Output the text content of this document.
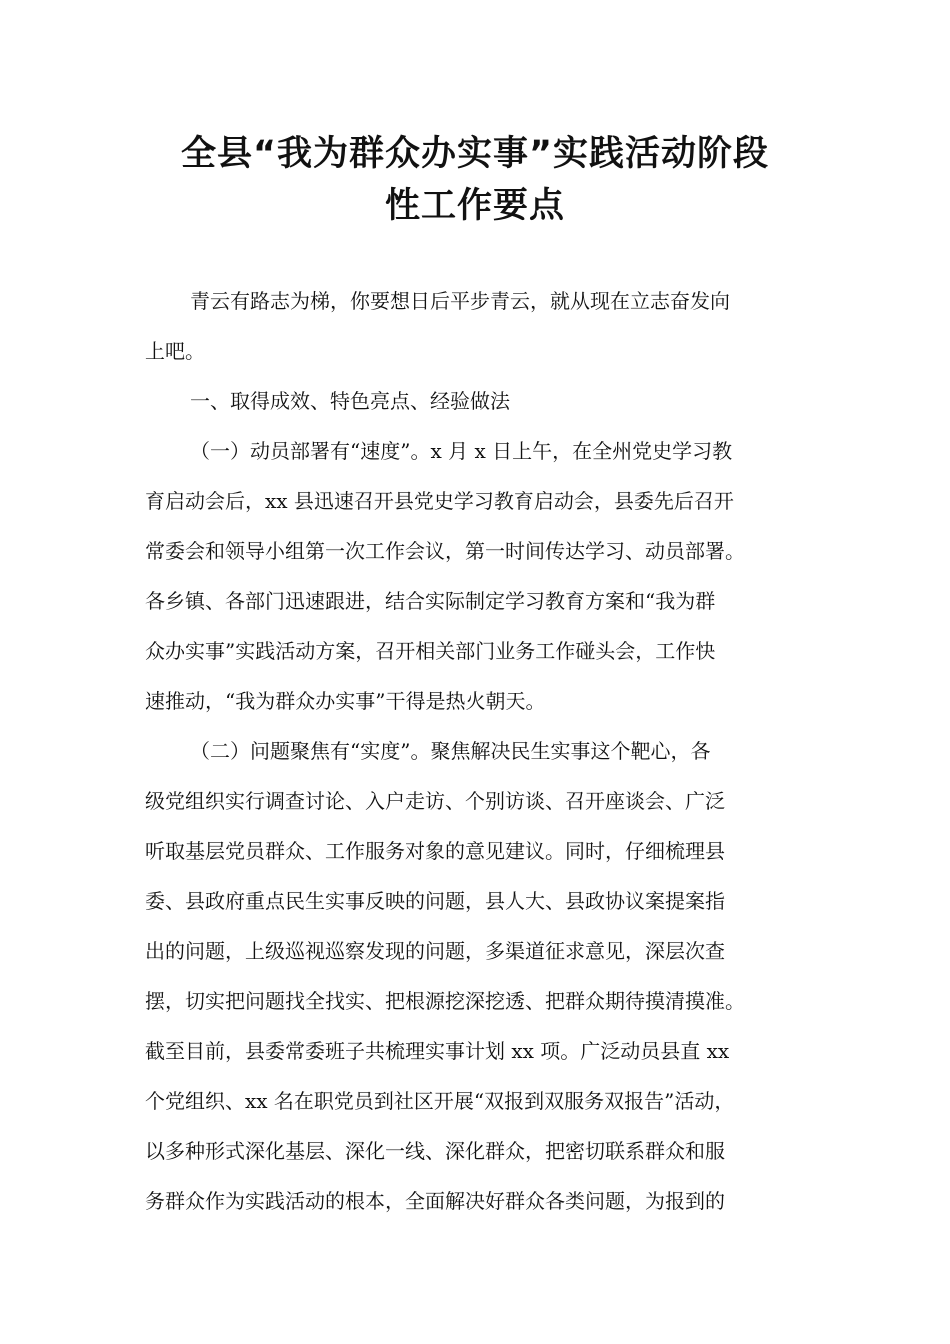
全县“我为群众办实事”实践活动阶段
性工作要点
青云有路志为梯，你要想日后平步青云，就从现在立志奋发向
上吧。
一、取得成效、特色亮点、经验做法
（一）动员部署有“速度”。x 月 x 日上午，在全州党史学习教
育启动会后，xx 县迅速召开县党史学习教育启动会，县委先后召开
常委会和领导小组第一次工作会议，第一时间传达学习、动员部署。
各乡镇、各部门迅速跟进，结合实际制定学习教育方案和“我为群
众办实事”实践活动方案，召开相关部门业务工作碰头会，工作快
速推动，“我为群众办实事”干得是热火朝天。
（二）问题聚焦有“实度”。聚焦解决民生实事这个靶心，各
级党组织实行调查讨论、入户走访、个别访谈、召开座谈会、广泛
听取基层党员群众、工作服务对象的意见建议。同时，仔细梳理县
委、县政府重点民生实事反映的问题，县人大、县政协议案提案指
出的问题，上级巡视巡察发现的问题，多渠道征求意见，深层次查
摆，切实把问题找全找实、把根源挖深挖透、把群众期待摸清摸准。
截至目前，县委常委班子共梳理实事计划 xx 项。广泛动员县直 xx
个党组织、xx 名在职党员到社区开展“双报到双服务双报告”活动，
以多种形式深化基层、深化一线、深化群众，把密切联系群众和服
务群众作为实践活动的根本，全面解决好群众各类问题，为报到的
